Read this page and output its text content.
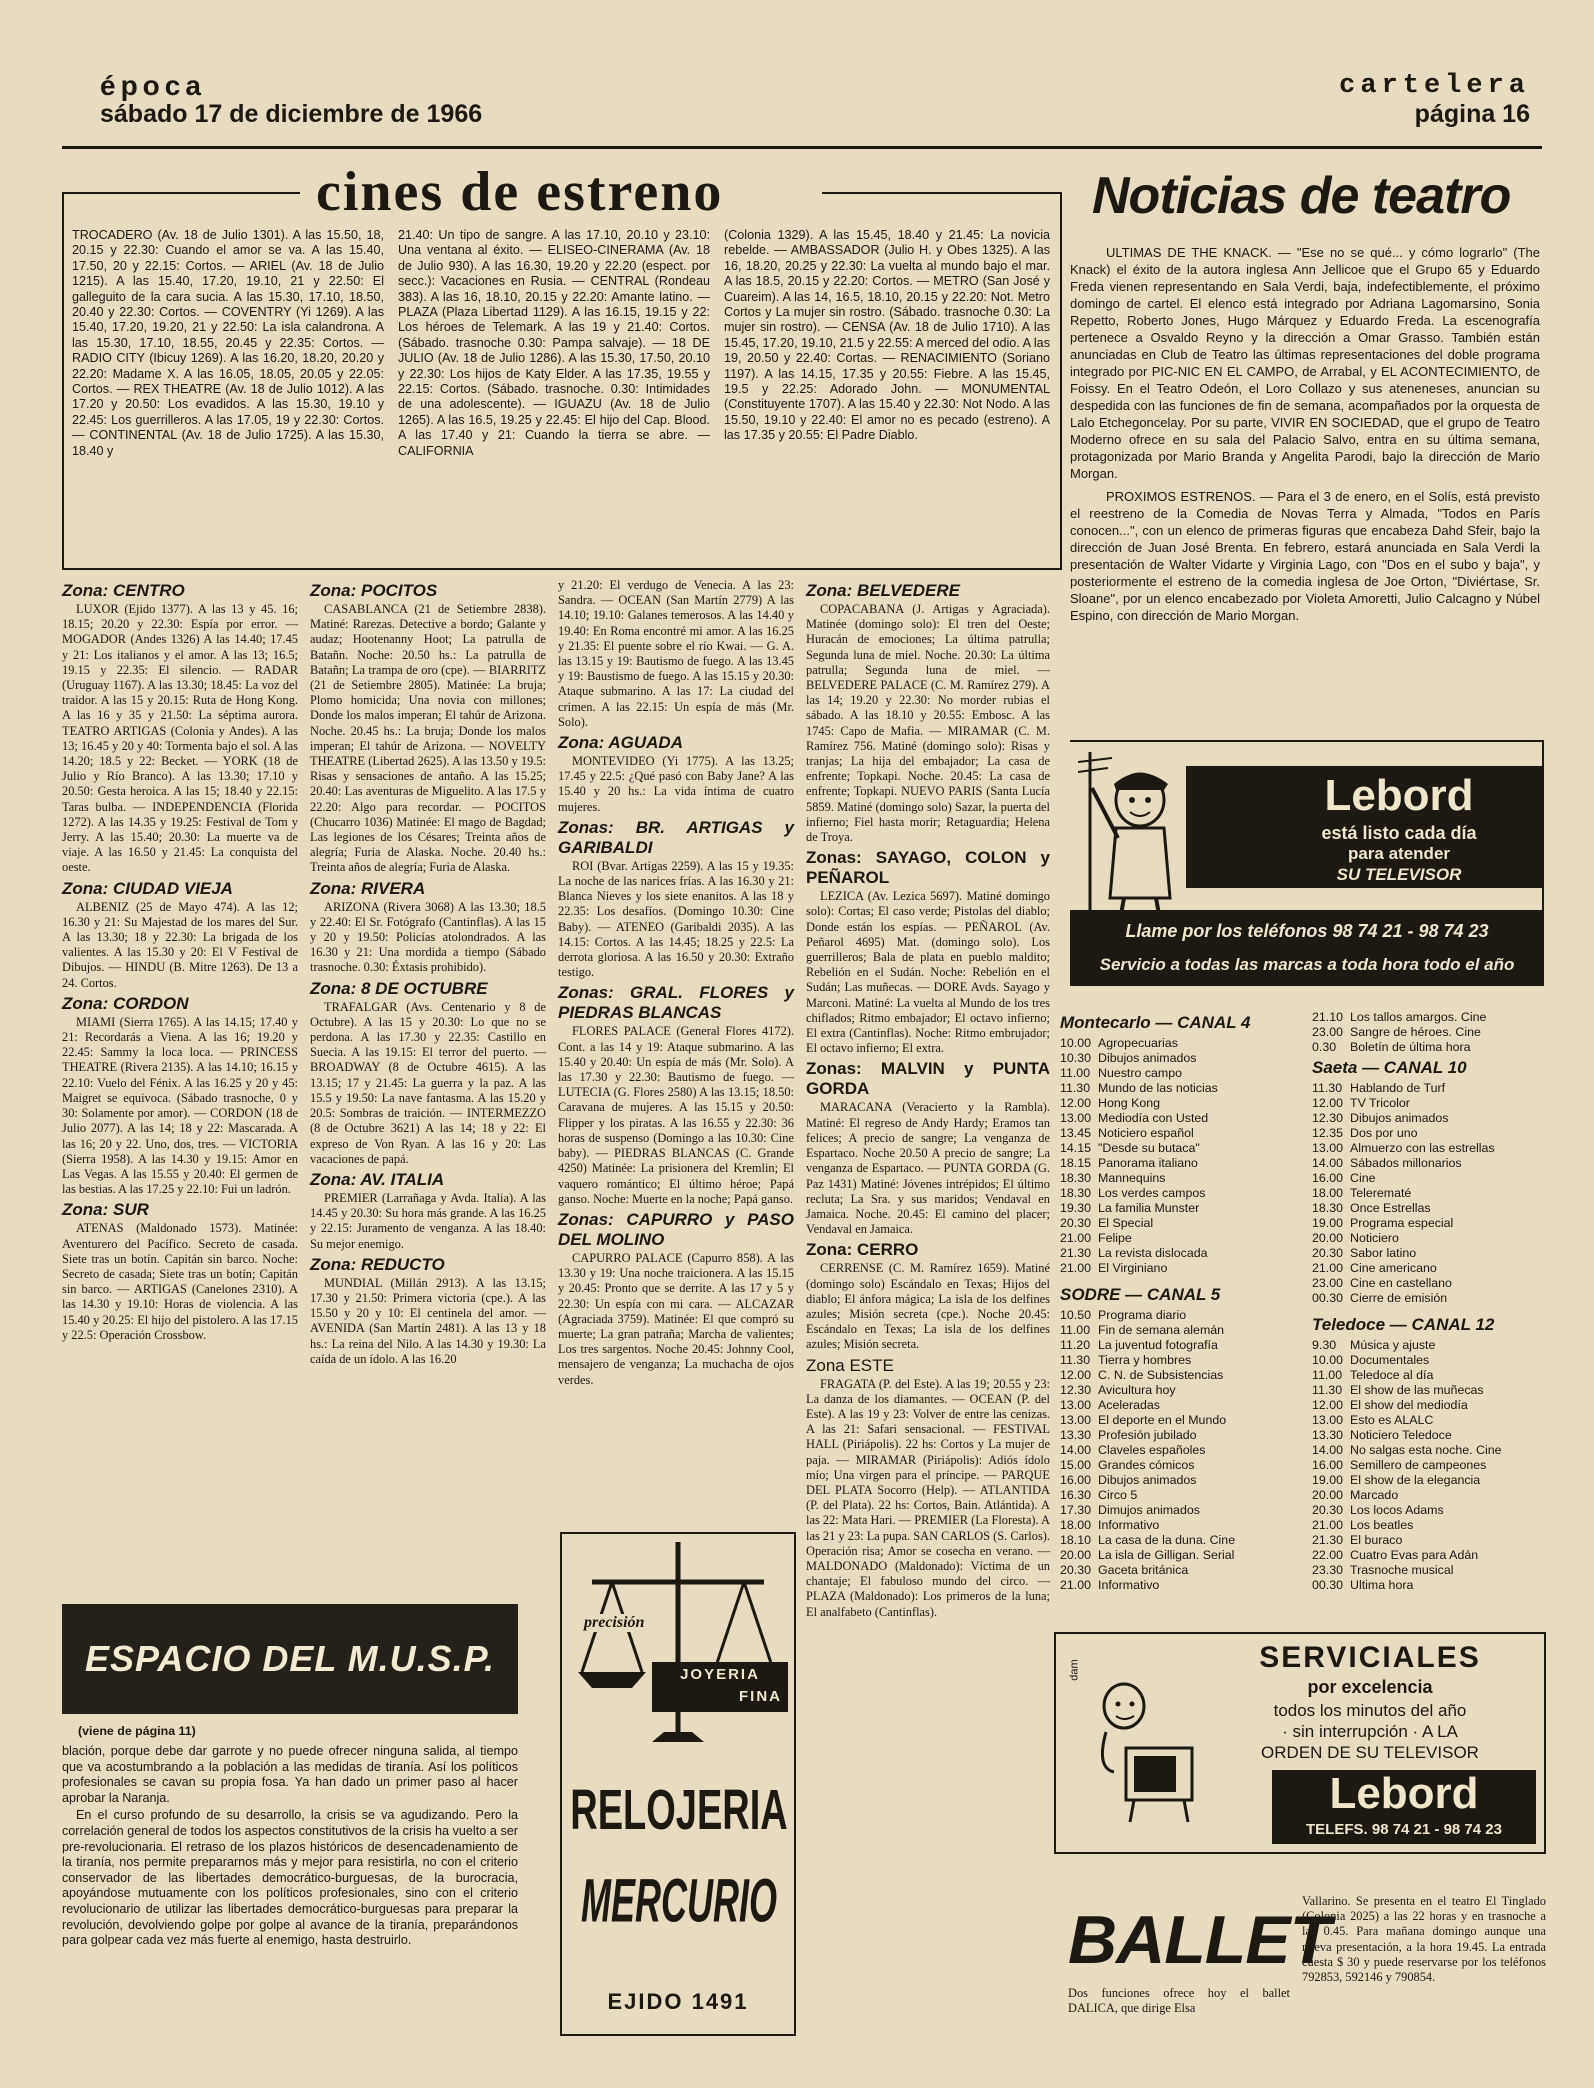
época
sábado 17 de diciembre de 1966
cartelera
página 16
cines de estreno
TROCADERO (Av. 18 de Julio 1301). A las 15.50, 18, 20.15 y 22.30: Cuando el amor se va. A las 15.40, 17.50, 20 y 22.15: Cortos. — ARIEL (Av. 18 de Julio 1215). A las 15.40, 17.20, 19.10, 21 y 22.50: El galleguito de la cara sucia. A las 15.30, 17.10, 18.50, 20.40 y 22.30: Cortos. — COVENTRY (Yi 1269). A las 15.40, 17.20, 19.20, 21 y 22.50: La isla calandrona. A las 15.30, 17.10, 18.55, 20.45 y 22.35: Cortos. — RADIO CITY (Ibicuy 1269). A las 16.20, 18.20, 20.20 y 22.20: Madame X. A las 16.05, 18.05, 20.05 y 22.05: Cortos. — REX THEATRE (Av. 18 de Julio 1012). A las 17.20 y 20.50: Los evadidos. A las 15.30, 19.10 y 22.45: Los guerrilleros. A las 17.05, 19 y 22.30: Cortos. — CONTINENTAL (Av. 18 de Julio 1725). A las 15.30, 18.40 y
21.40: Un tipo de sangre. A las 17.10, 20.10 y 23.10: Una ventana al éxito. — ELISEO-CINERAMA (Av. 18 de Julio 930). A las 16.30, 19.20 y 22.20 (espect. por secc.): Vacaciones en Rusia. — CENTRAL (Rondeau 383). A las 16, 18.10, 20.15 y 22.20: Amante latino. — PLAZA (Plaza Libertad 1129). A las 16.15, 19.15 y 22: Los héroes de Telemark. A las 19 y 21.40: Cortos. (Sábado. trasnoche 0.30: Pampa salvaje). — 18 DE JULIO (Av. 18 de Julio 1286). A las 15.30, 17.50, 20.10 y 22.30: Los hijos de Katy Elder. A las 17.35, 19.55 y 22.15: Cortos. (Sábado. trasnoche. 0.30: Intimidades de una adolescente). — IGUAZU (Av. 18 de Julio 1265). A las 16.5, 19.25 y 22.45: El hijo del Cap. Blood. A las 17.40 y 21: Cuando la tierra se abre. — CALIFORNIA
(Colonia 1329). A las 15.45, 18.40 y 21.45: La novicia rebelde. — AMBASSADOR (Julio H. y Obes 1325). A las 16, 18.20, 20.25 y 22.30: La vuelta al mundo bajo el mar. A las 18.5, 20.15 y 22.20: Cortos. — METRO (San José y Cuareim). A las 14, 16.5, 18.10, 20.15 y 22.20: Not. Metro Cortos y La mujer sin rostro. (Sábado. trasnoche 0.30: La mujer sin rostro). — CENSA (Av. 18 de Julio 1710). A las 15.45, 17.20, 19.10, 21.5 y 22.55: A merced del odio. A las 19, 20.50 y 22.40: Cortas. — RENACIMIENTO (Soriano 1197). A las 14.15, 17.35 y 20.55: Fiebre. A las 15.45, 19.5 y 22.25: Adorado John. — MONUMENTAL (Constituyente 1707). A las 15.40 y 22.30: Not Nodo. A las 15.50, 19.10 y 22.40: El amor no es pecado (estreno). A las 17.35 y 20.55: El Padre Diablo.
Noticias de teatro

ULTIMAS DE THE KNACK. — "Ese no se qué... y cómo lograrlo" (The Knack) el éxito de la autora inglesa Ann Jellicoe que el Grupo 65 y Eduardo Freda vienen representando en Sala Verdi, baja, indefectiblemente, el próximo domingo de cartel. El elenco está integrado por Adriana Lagomarsino, Sonia Repetto, Roberto Jones, Hugo Márquez y Eduardo Freda. La escenografía pertenece a Osvaldo Reyno y la dirección a Omar Grasso. También están anunciadas en Club de Teatro las últimas representaciones del doble programa integrado por PIC-NIC EN EL CAMPO, de Arrabal, y EL ACONTECIMIENTO, de Foissy. En el Teatro Odeón, el Loro Collazo y sus ateneneses, anuncian su despedida con las funciones de fin de semana, acompañados por la orquesta de Lalo Etchegoncelay. Por su parte, VIVIR EN SOCIEDAD, que el grupo de Teatro Moderno ofrece en su sala del Palacio Salvo, entra en su última semana, protagonizada por Mario Branda y Angelita Parodi, bajo la dirección de Mario Morgan.

PROXIMOS ESTRENOS. — Para el 3 de enero, en el Solís, está previsto el reestreno de la Comedia de Novas Terra y Almada, "Todos en París conocen...", con un elenco de primeras figuras que encabeza Dahd Sfeir, bajo la dirección de Juan José Brenta. En febrero, estará anunciada en Sala Verdi la presentación de Walter Vidarte y Virginia Lago, con "Dos en el subo y baja", y posteriormente el estreno de la comedia inglesa de Joe Orton, "Diviértase, Sr. Sloane", por un elenco encabezado por Violeta Amoretti, Julio Calcagno y Núbel Espino, con dirección de Mario Morgan.

Zona: CENTRO

LUXOR (Ejido 1377). A las 13 y 45. 16; 18.15; 20.20 y 22.30: Espía por error. — MOGADOR (Andes 1326) A las 14.40; 17.45 y 21: Los italianos y el amor. A las 13; 16.5; 19.15 y 22.35: El silencio. — RADAR (Uruguay 1167). A las 13.30; 18.45: La voz del traidor. A las 15 y 20.15: Ruta de Hong Kong. A las 16 y 35 y 21.50: La séptima aurora. TEATRO ARTIGAS (Colonia y Andes). A las 13; 16.45 y 20 y 40: Tormenta bajo el sol. A las 14.20; 18.5 y 22: Becket. — YORK (18 de Julio y Río Branco). A las 13.30; 17.10 y 20.50: Gesta heroica. A las 15; 18.40 y 22.15: Taras bulba. — INDEPENDENCIA (Florida 1272). A las 14.35 y 19.25: Festival de Tom y Jerry. A las 15.40; 20.30: La muerte va de viaje. A las 16.50 y 21.45: La conquista del oeste.

Zona: CIUDAD VIEJA

ALBENIZ (25 de Mayo 474). A las 12; 16.30 y 21: Su Majestad de los mares del Sur. A las 13.30; 18 y 22.30: La brigada de los valientes. A las 15.30 y 20: El V Festival de Dibujos. — HINDU (B. Mitre 1263). De 13 a 24. Cortos.

Zona: CORDON

MIAMI (Sierra 1765). A las 14.15; 17.40 y 21: Recordarás a Viena. A las 16; 19.20 y 22.45: Sammy la loca loca. — PRINCESS THEATRE (Rivera 2135). A las 14.10; 16.15 y 22.10: Vuelo del Fénix. A las 16.25 y 20 y 45: Maigret se equivoca. (Sábado trasnoche, 0 y 30: Solamente por amor). — CORDON (18 de Julio 2077). A las 14; 18 y 22: Mascarada. A las 16; 20 y 22. Uno, dos, tres. — VICTORIA (Sierra 1958). A las 14.30 y 19.15: Amor en Las Vegas. A las 15.55 y 20.40: El germen de las bestias. A las 17.25 y 22.10: Fui un ladrón.

Zona: SUR

ATENAS (Maldonado 1573). Matinée: Aventurero del Pacífico. Secreto de casada. Siete tras un botín. Capitán sin barco. Noche: Secreto de casada; Siete tras un botín; Capitán sin barco. — ARTIGAS (Canelones 2310). A las 14.30 y 19.10: Horas de violencia. A las 15.40 y 20.25: El hijo del pistolero. A las 17.15 y 22.5: Operación Crossbow.

Zona: POCITOS

CASABLANCA (21 de Setiembre 2838). Matiné: Rarezas. Detective a bordo; Galante y audaz; Hootenanny Hoot; La patrulla de Batañn. Noche: 20.50 hs.: La patrulla de Batañn; La trampa de oro (cpe). — BIARRITZ (21 de Setiembre 2805). Matinée: La bruja; Plomo homicida; Una novia con millones; Donde los malos imperan; El tahúr de Arizona. Noche. 20.45 hs.: La bruja; Donde los malos imperan; El tahúr de Arizona. — NOVELTY THEATRE (Libertad 2625). A las 13.50 y 19.5: Risas y sensaciones de antaño. A las 15.25; 20.40: Las aventuras de Miguelito. A las 17.5 y 22.20: Algo para recordar. — POCITOS (Chucarro 1036) Matinée: El mago de Bagdad; Las legiones de los Césares; Treinta años de alegría; Furia de Alaska. Noche. 20.40 hs.: Treinta años de alegría; Furia de Alaska.

Zona: RIVERA

ARIZONA (Rivera 3068) A las 13.30; 18.5 y 22.40: El Sr. Fotógrafo (Cantinflas). A las 15 y 20 y 19.50: Policías atolondrados. A las 16.30 y 21: Una mordida a tiempo (Sábado trasnoche. 0.30: Éxtasis prohibido).

Zona: 8 DE OCTUBRE

TRAFALGAR (Avs. Centenario y 8 de Octubre). A las 15 y 20.30: Lo que no se perdona. A las 17.30 y 22.35: Castillo en Suecia. A las 19.15: El terror del puerto. — BROADWAY (8 de Octubre 4615). A las 13.15; 17 y 21.45: La guerra y la paz. A las 15.5 y 19.50: La nave fantasma. A las 15.20 y 20.5: Sombras de traición. — INTERMEZZO (8 de Octubre 3621) A las 14; 18 y 22: El expreso de Von Ryan. A las 16 y 20: Las vacaciones de papá.

Zona: AV. ITALIA

PREMIER (Larrañaga y Avda. Italia). A las 14.45 y 20.30: Su hora más grande. A las 16.25 y 22.15: Juramento de venganza. A las 18.40: Su mejor enemigo.

Zona: REDUCTO

MUNDIAL (Millán 2913). A las 13.15; 17.30 y 21.50: Primera victoria (cpe.). A las 15.50 y 20 y 10: El centinela del amor. — AVENIDA (San Martín 2481). A las 13 y 18 hs.: La reina del Nilo. A las 14.30 y 19.30: La caída de un ídolo. A las 16.20

y 21.20: El verdugo de Venecia. A las 23: Sandra. — OCEAN (San Martín 2779) A las 14.10; 19.10: Galanes temerosos. A las 14.40 y 19.40: En Roma encontré mi amor. A las 16.25 y 21.35: El puente sobre el río Kwai. — G. A. las 13.15 y 19: Bautismo de fuego. A las 13.45 y 19: Baustismo de fuego. A las 15.15 y 20.30: Ataque submarino. A las 17: La ciudad del crimen. A las 22.15: Un espía de más (Mr. Solo).

Zona: AGUADA

MONTEVIDEO (Yi 1775). A las 13.25; 17.45 y 22.5: ¿Qué pasó con Baby Jane? A las 15.40 y 20 hs.: La vida íntima de cuatro mujeres.

Zonas: BR. ARTIGAS y GARIBALDI

ROI (Bvar. Artigas 2259). A las 15 y 19.35: La noche de las narices frías. A las 16.30 y 21: Blanca Nieves y los siete enanitos. A las 18 y 22.35: Los desafíos. (Domingo 10.30: Cine Baby). — ATENEO (Garibaldi 2035). A las 14.15: Cortos. A las 14.45; 18.25 y 22.5: La derrota gloriosa. A las 16.50 y 20.30: Extraño testigo.

Zonas: GRAL. FLORES y PIEDRAS BLANCAS

FLORES PALACE (General Flores 4172). Cont. a las 14 y 19: Ataque submarino. A las 15.40 y 20.40: Un espía de más (Mr. Solo). A las 17.30 y 22.30: Bautismo de fuego. — LUTECIA (G. Flores 2580) A las 13.15; 18.50: Caravana de mujeres. A las 15.15 y 20.50: Flipper y los piratas. A las 16.55 y 22.30: 36 horas de suspenso (Domingo a las 10.30: Cine baby). — PIEDRAS BLANCAS (C. Grande 4250) Matinée: La prisionera del Kremlin; El vaquero romántico; El último héroe; Papá ganso. Noche: Muerte en la noche; Papá ganso.

Zonas: CAPURRO y PASO DEL MOLINO

CAPURRO PALACE (Capurro 858). A las 13.30 y 19: Una noche traicionera. A las 15.15 y 20.45: Pronto que se derrite. A las 17 y 5 y 22.30: Un espía con mi cara. — ALCAZAR (Agraciada 3759). Matinée: El que compró su muerte; La gran patraña; Marcha de valientes; Los tres sargentos. Noche 20.45: Johnny Cool, mensajero de venganza; La muchacha de ojos verdes.

Zona: BELVEDERE

COPACABANA (J. Artigas y Agraciada). Matinée (domingo solo): El tren del Oeste; Huracán de emociones; La última patrulla; Segunda luna de miel. Noche. 20.30: La última patrulla; Segunda luna de miel. — BELVEDERE PALACE (C. M. Ramírez 279). A las 14; 19.20 y 22.30: No morder rubias el sábado. A las 18.10 y 20.55: Embosc. A las 1745: Capo de Mafia. — MIRAMAR (C. M. Ramírez 756. Matiné (domingo solo): Risas y tranjas; La hija del embajador; La casa de enfrente; Topkapi. Noche. 20.45: La casa de enfrente; Topkapi. NUEVO PARIS (Santa Lucía 5859. Matiné (domingo solo) Sazar, la puerta del infierno; Fiel hasta morir; Retaguardia; Helena de Troya.

Zonas: SAYAGO, COLON y PEÑAROL

LEZICA (Av. Lezica 5697). Matiné domingo solo): Cortas; El caso verde; Pistolas del diablo; Donde están los espías. — PEÑAROL (Av. Peñarol 4695) Mat. (domingo solo). Los guerrilleros; Bala de plata en pueblo maldito; Rebelión en el Sudán. Noche: Rebelión en el Sudán; Las muñecas. — DORE Avds. Sayago y Marconi. Matiné: La vuelta al Mundo de los tres chiflados; Ritmo embajador; El octavo infierno; El extra (Cantinflas). Noche: Ritmo embrujador; El octavo infierno; El extra.

Zonas: MALVIN y PUNTA GORDA

MARACANA (Veracierto y la Rambla). Matiné: El regreso de Andy Hardy; Eramos tan felices; A precio de sangre; La venganza de Espartaco. Noche 20.50 A precio de sangre; La venganza de Espartaco. — PUNTA GORDA (G. Paz 1431) Matiné: Jóvenes intrépidos; El último recluta; La Sra. y sus maridos; Vendaval en Jamaica. Noche. 20.45: El camino del placer; Vendaval en Jamaica.

Zona: CERRO

CERRENSE (C. M. Ramírez 1659). Matiné (domingo solo) Escándalo en Texas; Hijos del diablo; El ánfora mágica; La isla de los delfines azules; Misión secreta (cpe.). Noche 20.45: Escándalo en Texas; La isla de los delfines azules; Misión secreta.

Zona ESTE

FRAGATA (P. del Este). A las 19; 20.55 y 23: La danza de los diamantes. — OCEAN (P. del Este). A las 19 y 23: Volver de entre las cenizas. A las 21: Safari sensacional. — FESTIVAL HALL (Piriápolis). 22 hs: Cortos y La mujer de paja. — MIRAMAR (Piriápolis): Adiós ídolo mío; Una virgen para el príncipe. — PARQUE DEL PLATA Socorro (Help). — ATLANTIDA (P. del Plata). 22 hs: Cortos, Bain. Atlántida). A las 22: Mata Hari. — PREMIER (La Floresta). A las 21 y 23: La pupa. SAN CARLOS (S. Carlos). Operación risa; Amor se cosecha en verano. — MALDONADO (Maldonado): Víctima de un chantaje; El fabuloso mundo del circo. — PLAZA (Maldonado): Los primeros de la luna; El analfabeto (Cantinflas).

Lebord
está listo cada día
para atender
SU TELEVISOR
Llame por los teléfonos 98 74 21 - 98 74 23
Servicio a todas las marcas a toda hora todo el año
Montecarlo — CANAL 4
10.00 Agropecuarias
10.30 Dibujos animados
11.00 Nuestro campo
11.30 Mundo de las noticias
12.00 Hong Kong
13.00 Mediodía con Usted
13.45 Noticiero español
14.15 "Desde su butaca"
18.15 Panorama italiano
18.30 Mannequins
18.30 Los verdes campos
19.30 La familia Munster
20.30 El Special
21.00 Felipe
21.30 La revista dislocada
21.00 El Virginiano
SODRE — CANAL 5
10.50 Programa diario
11.00 Fin de semana alemán
11.20 La juventud fotografía
11.30 Tierra y hombres
12.00 C. N. de Subsistencias
12.30 Avicultura hoy
13.00 Aceleradas
13.00 El deporte en el Mundo
13.30 Profesión jubilado
14.00 Claveles españoles
15.00 Grandes cómicos
16.00 Dibujos animados
16.30 Circo 5
17.30 Dimujos animados
18.00 Informativo
18.10 La casa de la duna. Cine
20.00 La isla de Gilligan. Serial
20.30 Gaceta británica
21.00 Informativo
21.10 Los tallos amargos. Cine
23.00 Sangre de héroes. Cine
0.30	Boletín de última hora
Saeta — CANAL 10
11.30 Hablando de Turf
12.00 TV Tricolor
12.30 Dibujos animados
12.35 Dos por uno
13.00 Almuerzo con las estrellas
14.00 Sábados millonarios
16.00 Cine
18.00 Telerematé
18.30 Once Estrellas
19.00 Programa especial
20.00 Noticiero
20.30 Sabor latino
21.00 Cine americano
23.00 Cine en castellano
00.30 Cierre de emisión
Teledoce — CANAL 12
9.30	Música y ajuste
10.00 Documentales
11.00 Teledoce al día
11.30 El show de las muñecas
12.00 El show del mediodía
13.00 Esto es ALALC
13.30 Noticiero Teledoce
14.00 No salgas esta noche. Cine
16.00 Semillero de campeones
19.00 El show de la elegancia
20.00 Marcado
20.30 Los locos Adams
21.00 Los beatles
21.30 El buraco
22.00 Cuatro Evas para Adán
23.30 Trasnoche musical
00.30 Ultima hora
dam	SERVICIALES
por excelencia
todos los minutos del año
· sin interrupción · A LA
ORDEN DE SU TELEVISOR
Lebord
TELEFS. 98 74 21 - 98 74 23
BALLET
Dos funciones ofrece hoy el ballet DALICA, que dirige Elsa
Vallarino. Se presenta en el teatro El Tinglado (Colonia 2025) a las 22 horas y en trasnoche a las 0.45. Para mañana domingo aunque una nueva presentación, a la hora 19.45. La entrada cuesta $ 30 y puede reservarse por los teléfonos 792853, 592146 y 790854.
ESPACIO DEL M.U.S.P.
(viene de página 11)

blación, porque debe dar garrote y no puede ofrecer ninguna salida, al tiempo que va acostumbrando a la población a las medidas de tiranía. Así los políticos profesionales se cavan su propia fosa. Ya han dado un primer paso al hacer aprobar la Naranja.

En el curso profundo de su desarrollo, la crisis se va agudizando. Pero la correlación general de todos los aspectos constitutivos de la crisis ha vuelto a ser pre-revolucionaria. El retraso de los plazos históricos de desencadenamiento de la tiranía, nos permite prepararnos más y mejor para resistirla, no con el criterio conservador de las libertades democrático-burguesas, de la burocracia, apoyándose mutuamente con los políticos profesionales, sino con el criterio revolucionario de utilizar las libertades democrático-burguesas para preparar la revolución, devolviendo golpe por golpe al avance de la tiranía, preparándonos para golpear cada vez más fuerte al enemigo, hasta destruirlo.

precisión
JOYERIA
FINA
RELOJERIA
MERCURIO
EJIDO 1491
